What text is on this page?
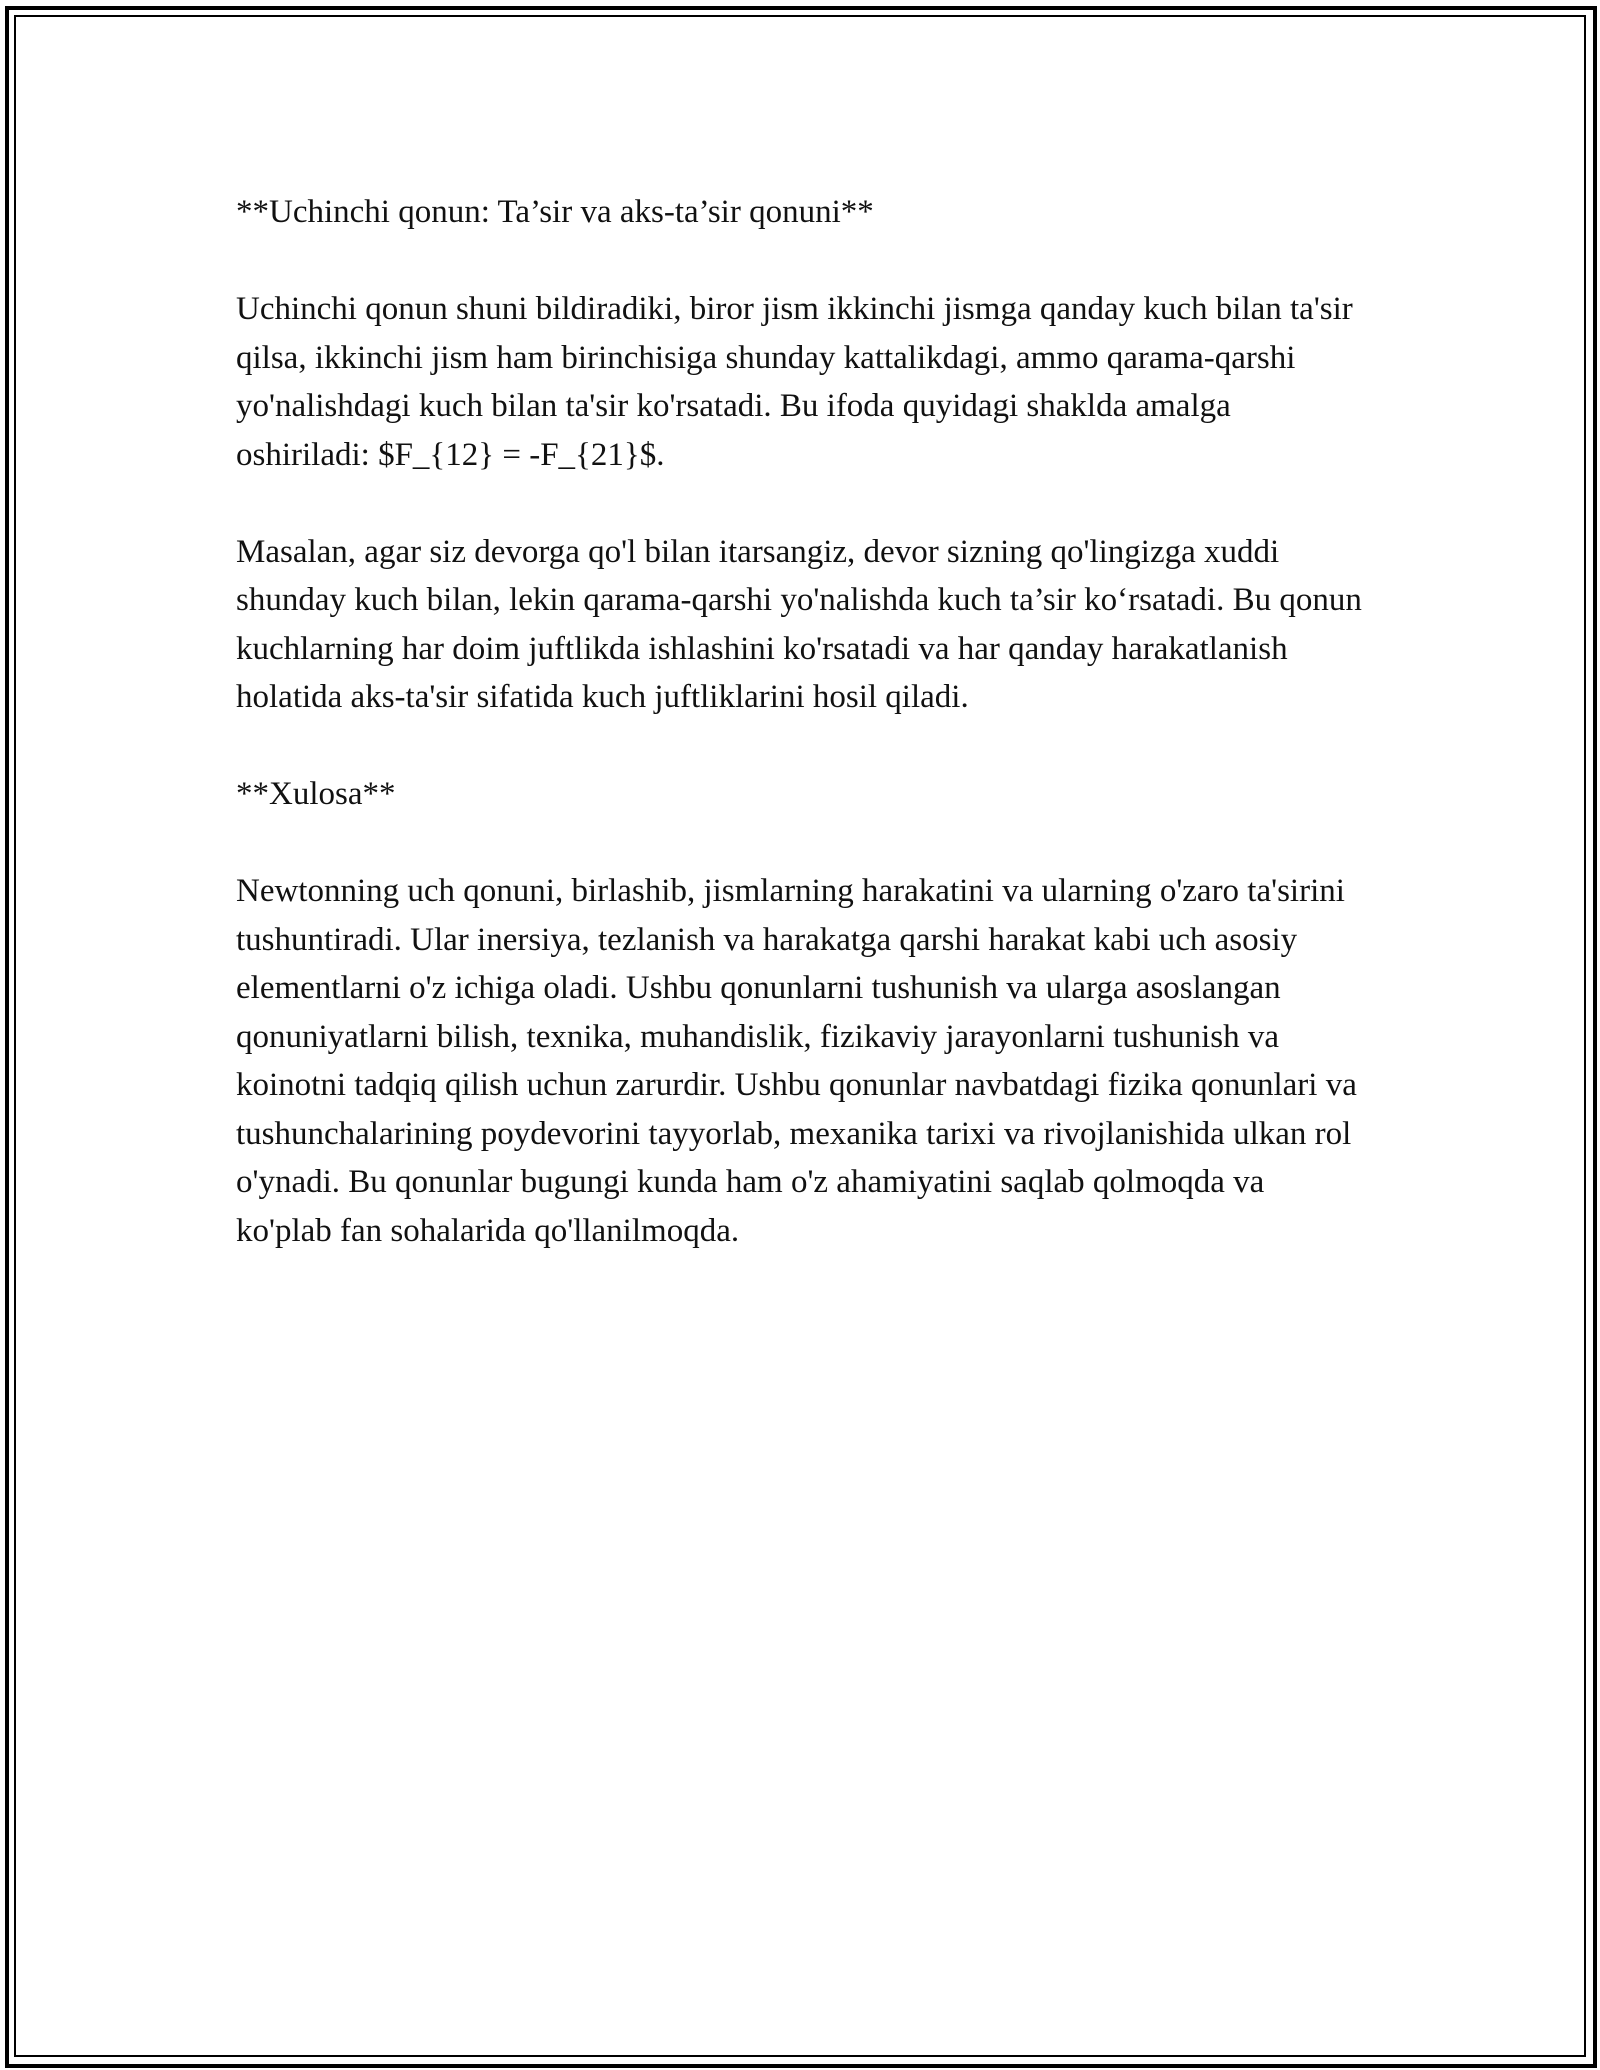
**Uchinchi qonun: Ta’sir va aks-ta’sir qonuni**

Uchinchi qonun shuni bildiradiki, biror jism ikkinchi jismga qanday kuch bilan ta'sir qilsa, ikkinchi jism ham birinchisiga shunday kattalikdagi, ammo qarama-qarshi yo'nalishdagi kuch bilan ta'sir ko'rsatadi. Bu ifoda quyidagi shaklda amalga oshiriladi: $F_{12} = -F_{21}$.

Masalan, agar siz devorga qo'l bilan itarsangiz, devor sizning qo'lingizga xuddi shunday kuch bilan, lekin qarama-qarshi yo'nalishda kuch ta’sir ko‘rsatadi. Bu qonun kuchlarning har doim juftlikda ishlashini ko'rsatadi va har qanday harakatlanish holatida aks-ta'sir sifatida kuch juftliklarini hosil qiladi.

**Xulosa**

Newtonning uch qonuni, birlashib, jismlarning harakatini va ularning o'zaro ta'sirini tushuntiradi. Ular inersiya, tezlanish va harakatga qarshi harakat kabi uch asosiy elementlarni o'z ichiga oladi. Ushbu qonunlarni tushunish va ularga asoslangan qonuniyatlarni bilish, texnika, muhandislik, fizikaviy jarayonlarni tushunish va koinotni tadqiq qilish uchun zarurdir. Ushbu qonunlar navbatdagi fizika qonunlari va tushunchalarining poydevorini tayyorlab, mexanika tarixi va rivojlanishida ulkan rol o'ynadi. Bu qonunlar bugungi kunda ham o'z ahamiyatini saqlab qolmoqda va ko'plab fan sohalarida qo'llanilmoqda.
